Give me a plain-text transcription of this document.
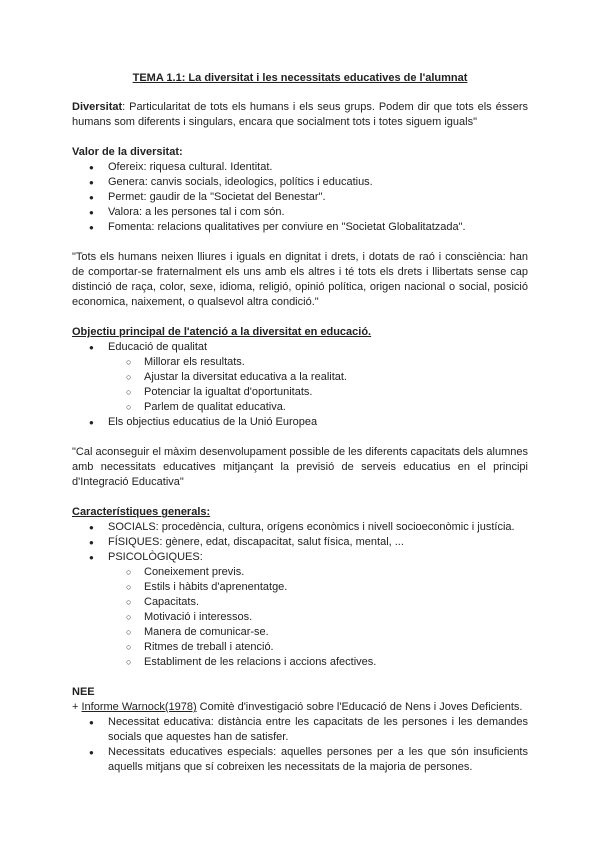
TEMA 1.1: La diversitat i les necessitats educatives de l'alumnat

Diversitat: Particularitat de tots els humans i els seus grups. Podem dir que tots els éssers humans som diferents i singulars, encara que socialment tots i totes siguem iguals"

Valor de la diversitat:

● Ofereix: riquesa cultural. Identitat.
● Genera: canvis socials, ideologics, polítics i educatius.
● Permet: gaudir de la "Societat del Benestar".
● Valora: a les persones tal i com són.
● Fomenta: relacions qualitatives per conviure en "Societat Globalitatzada".

"Tots els humans neixen lliures i iguals en dignitat i drets, i dotats de raó i consciència: han de comportar-se fraternalment els uns amb els altres i té tots els drets i llibertats sense cap distinció de raça, color, sexe, idioma, religió, opinió política, origen nacional o social, posició economica, naixement, o qualsevol altra condició."

Objectiu principal de l'atenció a la diversitat en educació.

● Educació de qualitat
○ Millorar els resultats.
○ Ajustar la diversitat educativa a la realitat.
○ Potenciar la igualtat d'oportunitats.
○ Parlem de qualitat educativa.
● Els objectius educatius de la Unió Europea

"Cal aconseguir el màxim desenvolupament possible de les diferents capacitats dels alumnes amb necessitats educatives mitjançant la previsió de serveis educatius en el principi d'Integració Educativa"

Característiques generals:

● SOCIALS: procedència, cultura, orígens econòmics i nivell socioeconòmic i justícia.
● FÍSIQUES: gènere, edat, discapacitat, salut física, mental, ...
● PSICOLÒGIQUES:
○ Coneixement previs.
○ Estils i hàbits d'aprenentatge.
○ Capacitats.
○ Motivació i interessos.
○ Manera de comunicar-se.
○ Ritmes de treball i atenció.
○ Establiment de les relacions i accions afectives.

NEE

+ Informe Warnock(1978) Comitè d'investigació sobre l'Educació de Nens i Joves Deficients.

● Necessitat educativa: distància entre les capacitats de les persones i les demandes socials que aquestes han de satisfer.
● Necessitats educatives especials: aquelles persones per a les que són insuficients aquells mitjans que sí cobreixen les necessitats de la majoria de persones.
